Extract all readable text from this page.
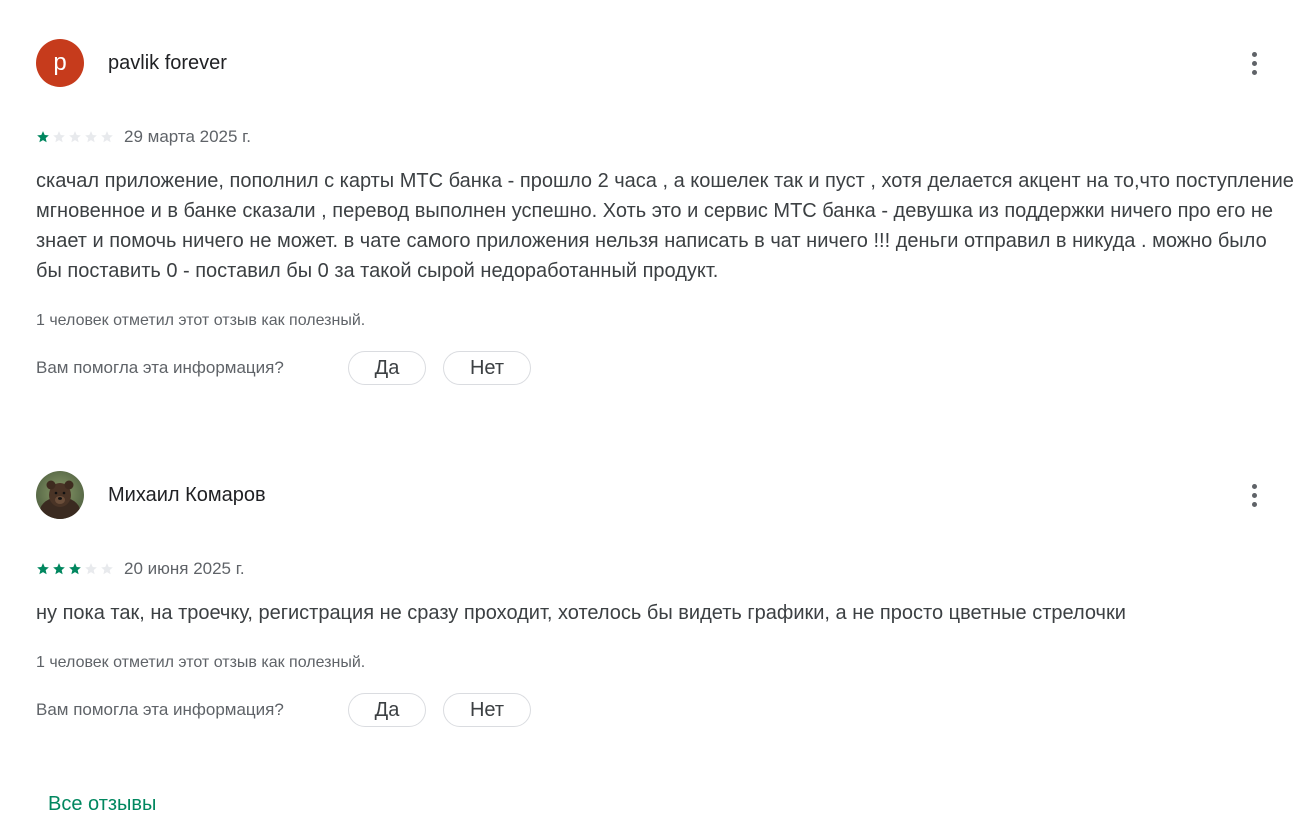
p	pavlik forever
29 марта 2025 г.

скачал приложение, пополнил с карты МТС банка - прошло 2 часа , а кошелек так и пуст , хотя делается акцент на то,что поступление мгновенное и в банке сказали , перевод выполнен успешно. Хоть это и сервис МТС банка - девушка из поддержки ничего про его не знает и помочь ничего не может. в чате самого приложения нельзя написать в чат ничего !!! деньги отправил в никуда . можно было бы поставить 0 - поставил бы 0 за такой сырой недоработанный продукт.

1 человек отметил этот отзыв как полезный.
Вам помогла эта информация?	Да	Нет
Михаил Комаров
20 июня 2025 г.

ну пока так, на троечку, регистрация не сразу проходит, хотелось бы видеть графики, а не просто цветные стрелочки

1 человек отметил этот отзыв как полезный.
Вам помогла эта информация?	Да	Нет
Все отзывы
